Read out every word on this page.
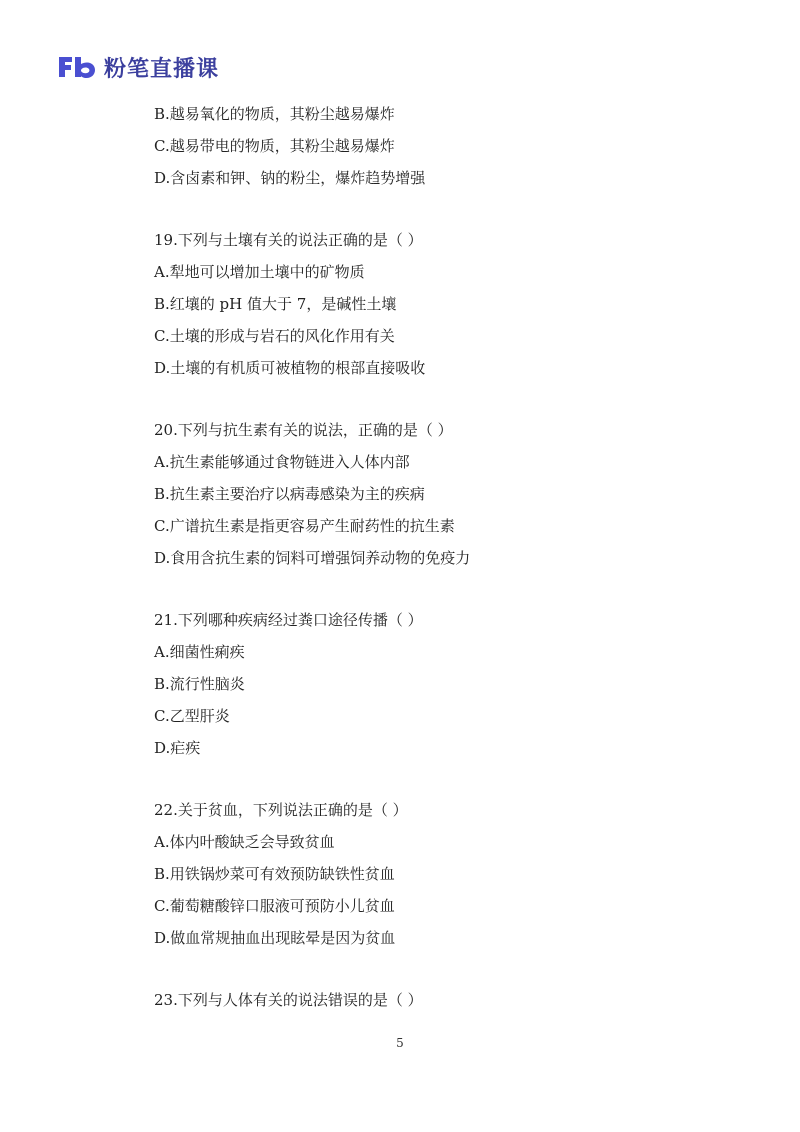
粉笔直播课
B.越易氧化的物质，其粉尘越易爆炸
C.越易带电的物质，其粉尘越易爆炸
D.含卤素和钾、钠的粉尘，爆炸趋势增强
19.下列与土壤有关的说法正确的是（ ）
A.犁地可以增加土壤中的矿物质
B.红壤的 pH 值大于 7，是碱性土壤
C.土壤的形成与岩石的风化作用有关
D.土壤的有机质可被植物的根部直接吸收
20.下列与抗生素有关的说法，正确的是（ ）
A.抗生素能够通过食物链进入人体内部
B.抗生素主要治疗以病毒感染为主的疾病
C.广谱抗生素是指更容易产生耐药性的抗生素
D.食用含抗生素的饲料可增强饲养动物的免疫力
21.下列哪种疾病经过粪口途径传播（ ）
A.细菌性痢疾
B.流行性脑炎
C.乙型肝炎
D.疟疾
22.关于贫血，下列说法正确的是（ ）
A.体内叶酸缺乏会导致贫血
B.用铁锅炒菜可有效预防缺铁性贫血
C.葡萄糖酸锌口服液可预防小儿贫血
D.做血常规抽血出现眩晕是因为贫血
23.下列与人体有关的说法错误的是（ ）
5
